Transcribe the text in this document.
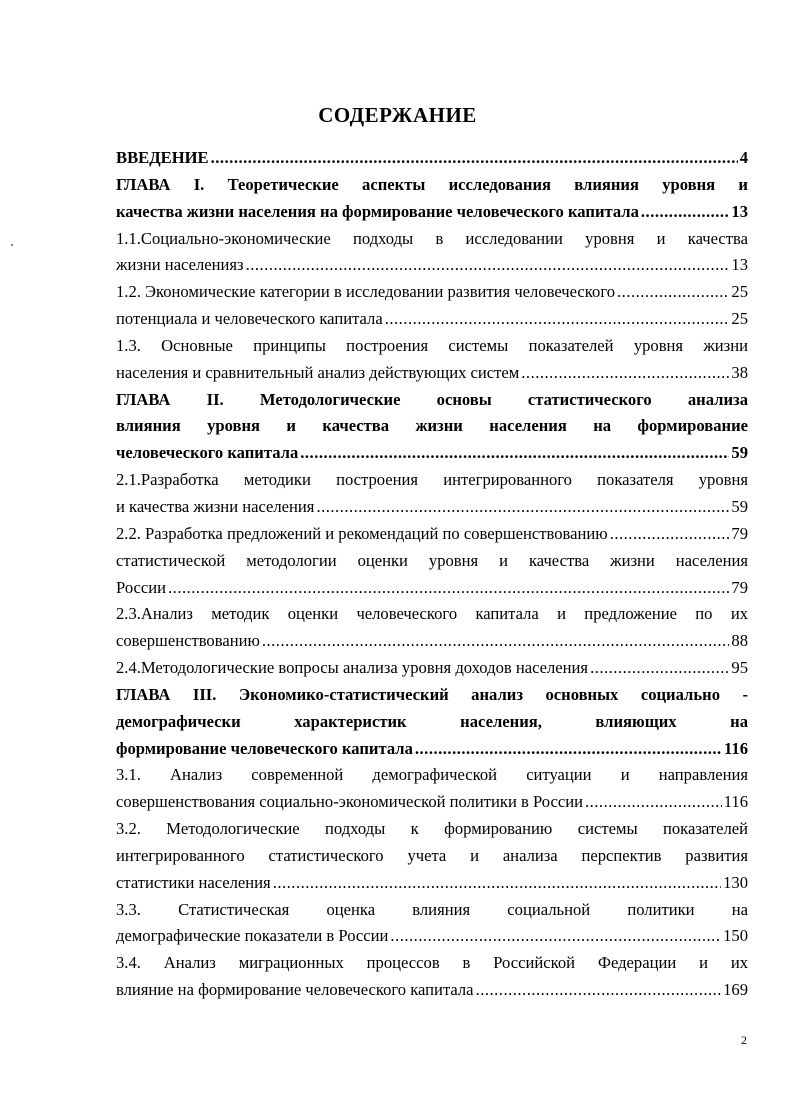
СОДЕРЖАНИЕ
ВВЕДЕНИЕ .....	4
ГЛАВА I. Теоретические аспекты исследования влияния уровня и
качества жизни населения на формирование человеческого капитала .....	13
1.1.Социально-экономические подходы в исследовании уровня и качества
жизни населенияз .....	13
1.2. Экономические категории в исследовании развития человеческого .....	25
потенциала и человеческого капитала .....	25
1.3. Основные принципы построения системы показателей уровня жизни
населения и сравнительный анализ действующих систем .....	38
ГЛАВА II. Методологические основы статистического анализа
влияния уровня и качества жизни населения на формирование
человеческого капитала .....	59
2.1.Разработка методики построения интегрированного показателя уровня
и качества жизни населения .....	59
2.2. Разработка предложений и рекомендаций по совершенствованию .....	79
статистической методологии оценки уровня и качества жизни населения
России .....	79
2.3.Анализ методик оценки человеческого капитала и предложение по их
совершенствованию .....	88
2.4.Методологические вопросы анализа уровня доходов населения .....	95
ГЛАВА III. Экономико-статистический анализ основных социально -
демографически характеристик населения, влияющих на
формирование человеческого капитала .....	116
3.1. Анализ современной демографической ситуации и направления
совершенствования социально-экономической политики в России .....	116
3.2. Методологические подходы к формированию системы показателей
интегрированного статистического учета и анализа перспектив развития
статистики населения .....	130
3.3. Статистическая оценка влияния социальной политики на
демографические показатели в России .....	150
3.4. Анализ миграционных процессов в Российской Федерации и их
влияние на формирование человеческого капитала .....	169
2
